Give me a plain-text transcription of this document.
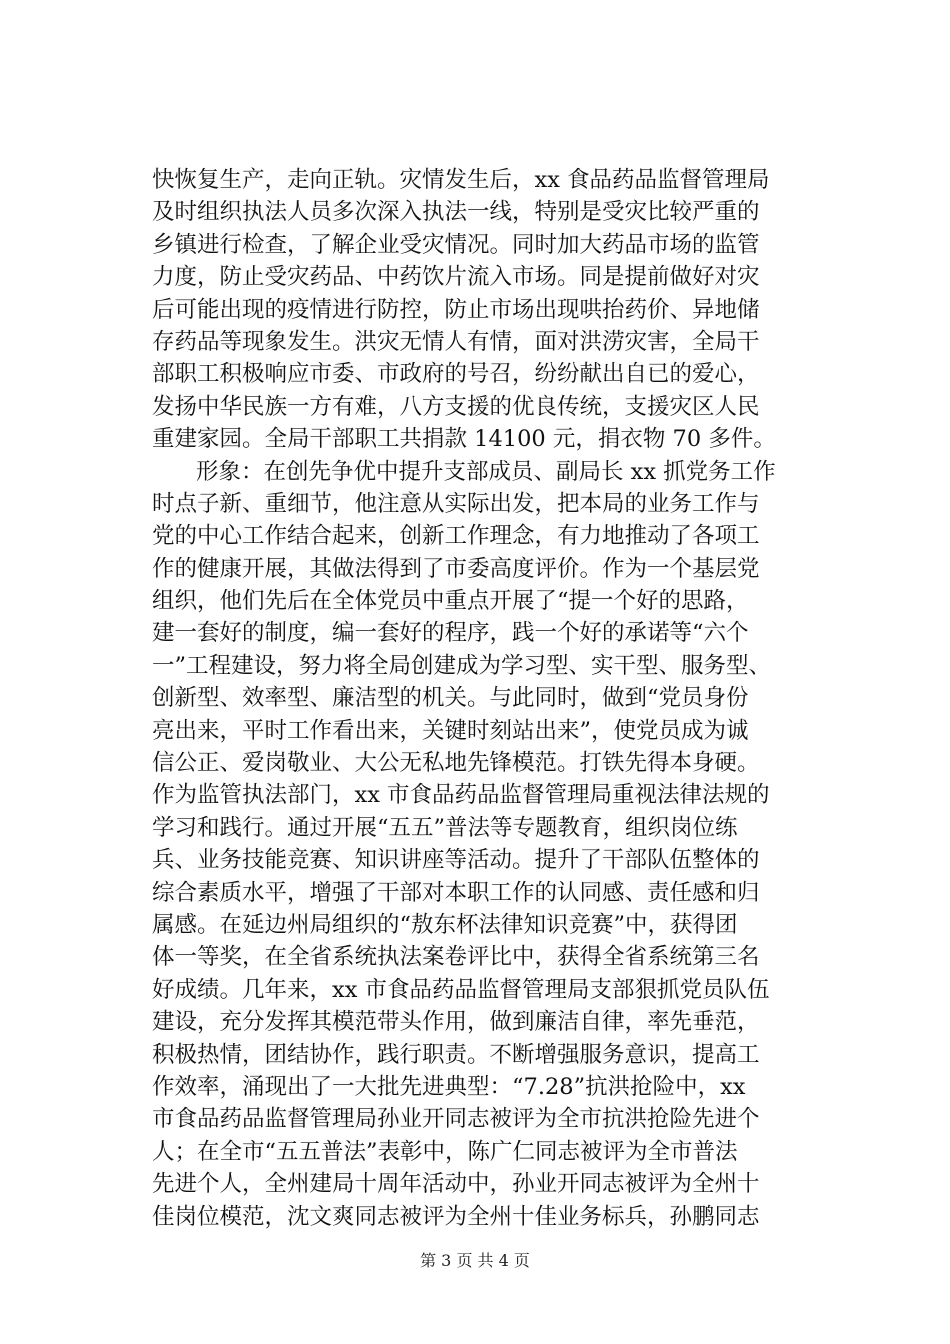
快恢复生产，走向正轨。灾情发生后，xx 食品药品监督管理局
及时组织执法人员多次深入执法一线，特别是受灾比较严重的
乡镇进行检查，了解企业受灾情况。同时加大药品市场的监管
力度，防止受灾药品、中药饮片流入市场。同是提前做好对灾
后可能出现的疫情进行防控，防止市场出现哄抬药价、异地储
存药品等现象发生。洪灾无情人有情，面对洪涝灾害，全局干
部职工积极响应市委、市政府的号召，纷纷献出自已的爱心，
发扬中华民族一方有难，八方支援的优良传统，支援灾区人民
重建家园。全局干部职工共捐款 14100 元，捐衣物 70 多件。
形象：在创先争优中提升支部成员、副局长 xx 抓党务工作
时点子新、重细节，他注意从实际出发，把本局的业务工作与
党的中心工作结合起来，创新工作理念，有力地推动了各项工
作的健康开展，其做法得到了市委高度评价。作为一个基层党
组织，他们先后在全体党员中重点开展了“提一个好的思路，
建一套好的制度，编一套好的程序，践一个好的承诺等“六个
一”工程建设，努力将全局创建成为学习型、实干型、服务型、
创新型、效率型、廉洁型的机关。与此同时，做到“党员身份
亮出来，平时工作看出来，关键时刻站出来”，使党员成为诚
信公正、爱岗敬业、大公无私地先锋模范。打铁先得本身硬。
作为监管执法部门，xx 市食品药品监督管理局重视法律法规的
学习和践行。通过开展“五五”普法等专题教育，组织岗位练
兵、业务技能竞赛、知识讲座等活动。提升了干部队伍整体的
综合素质水平，增强了干部对本职工作的认同感、责任感和归
属感。在延边州局组织的“敖东杯法律知识竞赛”中，获得团
体一等奖，在全省系统执法案卷评比中，获得全省系统第三名
好成绩。几年来，xx 市食品药品监督管理局支部狠抓党员队伍
建设，充分发挥其模范带头作用，做到廉洁自律，率先垂范，
积极热情，团结协作，践行职责。不断增强服务意识，提高工
作效率，涌现出了一大批先进典型：“7.28”抗洪抢险中，xx
市食品药品监督管理局孙业开同志被评为全市抗洪抢险先进个
人；在全市“五五普法”表彰中，陈广仁同志被评为全市普法
先进个人，全州建局十周年活动中，孙业开同志被评为全州十
佳岗位模范，沈文爽同志被评为全州十佳业务标兵，孙鹏同志
第 3 页 共 4 页
